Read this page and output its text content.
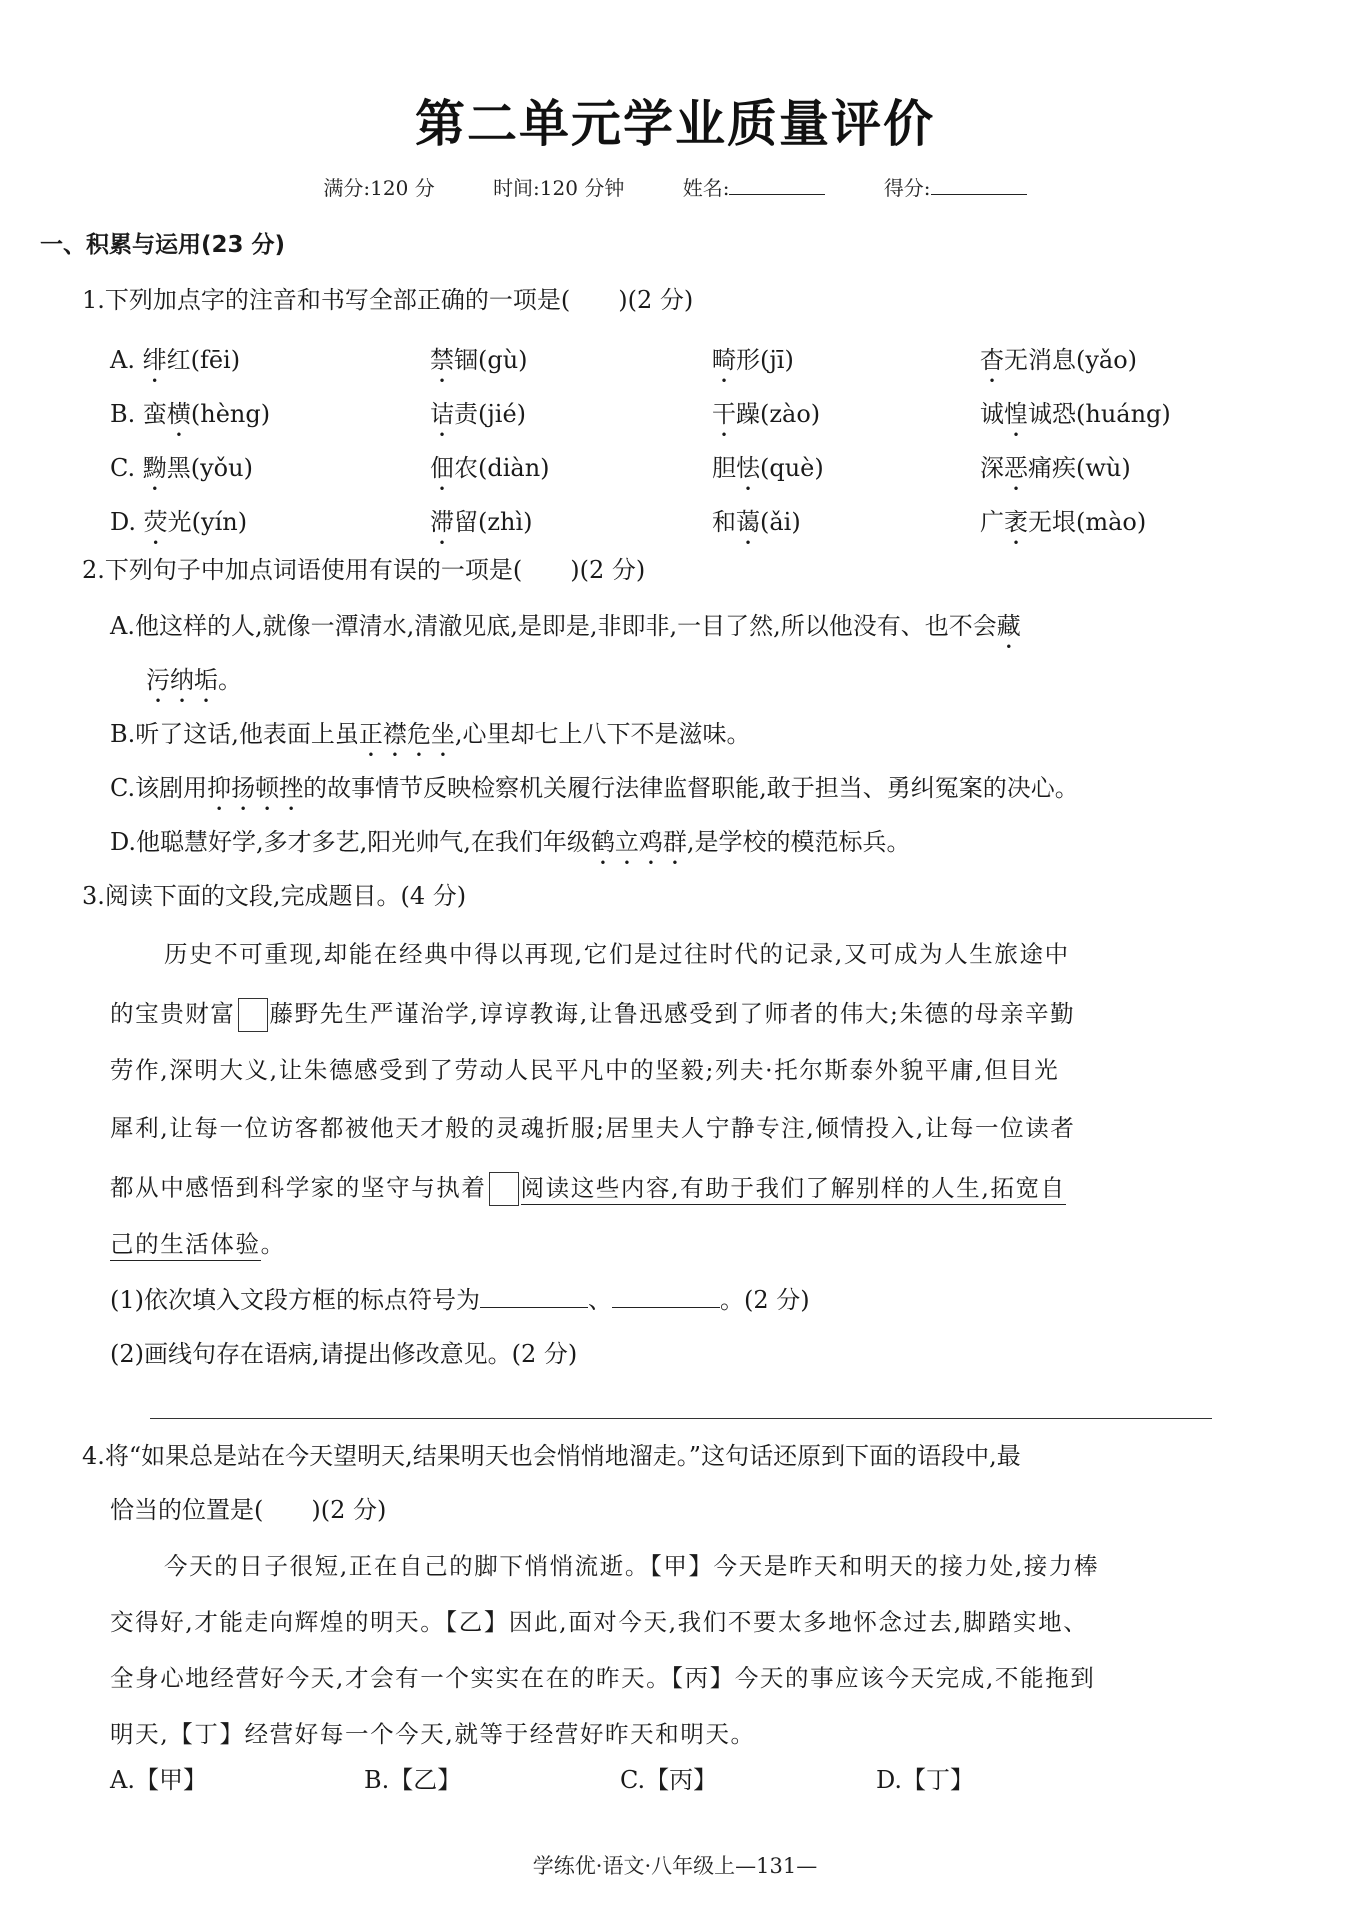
第二单元学业质量评价
满分:120 分	时间:120 分钟	姓名:	得分:
一、积累与运用(23 分)
1.下列加点字的注音和书写全部正确的一项是(　　)(2 分)
A. 绯红(fēi)	禁锢(gù)	畸形(jī)	杳无消息(yǎo)
B. 蛮横(hèng)	诘责(jié)	干躁(zào)	诚惶诚恐(huáng)
C. 黝黑(yǒu)	佃农(diàn)	胆怯(què)	深恶痛疾(wù)
D. 荧光(yín)	滞留(zhì)	和蔼(ǎi)	广袤无垠(mào)
2.下列句子中加点词语使用有误的一项是(　　)(2 分)
A.他这样的人,就像一潭清水,清澈见底,是即是,非即非,一目了然,所以他没有、也不会藏
污纳垢。
B.听了这话,他表面上虽正襟危坐,心里却七上八下不是滋味。
C.该剧用抑扬顿挫的故事情节反映检察机关履行法律监督职能,敢于担当、勇纠冤案的决心。
D.他聪慧好学,多才多艺,阳光帅气,在我们年级鹤立鸡群,是学校的模范标兵。
3.阅读下面的文段,完成题目。(4 分)
历史不可重现,却能在经典中得以再现,它们是过往时代的记录,又可成为人生旅途中
的宝贵财富 藤野先生严谨治学,谆谆教诲,让鲁迅感受到了师者的伟大;朱德的母亲辛勤
劳作,深明大义,让朱德感受到了劳动人民平凡中的坚毅;列夫·托尔斯泰外貌平庸,但目光
犀利,让每一位访客都被他天才般的灵魂折服;居里夫人宁静专注,倾情投入,让每一位读者
都从中感悟到科学家的坚守与执着 阅读这些内容,有助于我们了解别样的人生,拓宽自
己的生活体验。
(1)依次填入文段方框的标点符号为	、	。(2 分)
(2)画线句存在语病,请提出修改意见。(2 分)
4.将“如果总是站在今天望明天,结果明天也会悄悄地溜走。”这句话还原到下面的语段中,最
恰当的位置是(　　)(2 分)
今天的日子很短,正在自己的脚下悄悄流逝。【甲】今天是昨天和明天的接力处,接力棒
交得好,才能走向辉煌的明天。【乙】因此,面对今天,我们不要太多地怀念过去,脚踏实地、
全身心地经营好今天,才会有一个实实在在的昨天。【丙】今天的事应该今天完成,不能拖到
明天,【丁】经营好每一个今天,就等于经营好昨天和明天。
A.【甲】	B.【乙】	C.【丙】	D.【丁】
学练优·语文·八年级上—131—
